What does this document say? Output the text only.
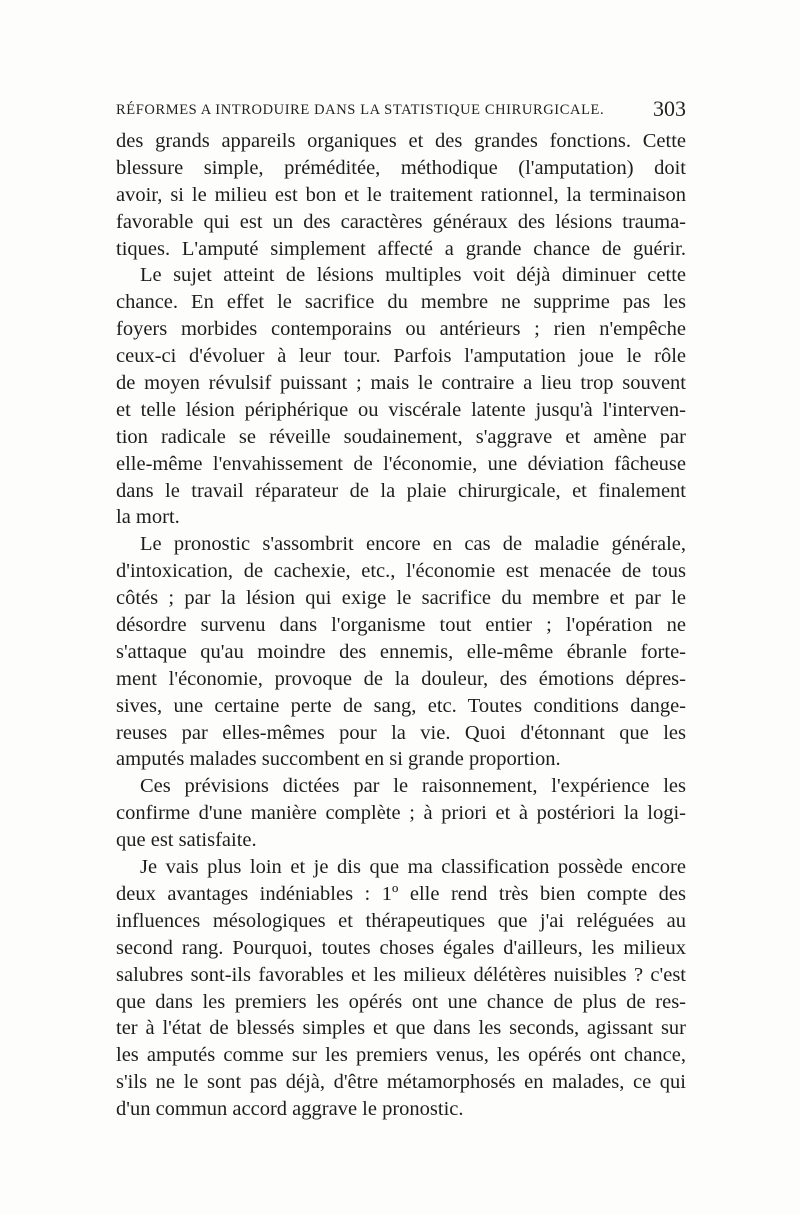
RÉFORMES A INTRODUIRE DANS LA STATISTIQUE CHIRURGICALE. 303
des grands appareils organiques et des grandes fonctions. Cette
blessure simple, préméditée, méthodique (l'amputation) doit
avoir, si le milieu est bon et le traitement rationnel, la terminaison
favorable qui est un des caractères généraux des lésions trauma-
tiques. L'amputé simplement affecté a grande chance de guérir.
Le sujet atteint de lésions multiples voit déjà diminuer cette
chance. En effet le sacrifice du membre ne supprime pas les
foyers morbides contemporains ou antérieurs ; rien n'empêche
ceux-ci d'évoluer à leur tour. Parfois l'amputation joue le rôle
de moyen révulsif puissant ; mais le contraire a lieu trop souvent
et telle lésion périphérique ou viscérale latente jusqu'à l'interven-
tion radicale se réveille soudainement, s'aggrave et amène par
elle-même l'envahissement de l'économie, une déviation fâcheuse
dans le travail réparateur de la plaie chirurgicale, et finalement
la mort.
Le pronostic s'assombrit encore en cas de maladie générale,
d'intoxication, de cachexie, etc., l'économie est menacée de tous
côtés ; par la lésion qui exige le sacrifice du membre et par le
désordre survenu dans l'organisme tout entier ; l'opération ne
s'attaque qu'au moindre des ennemis, elle-même ébranle forte-
ment l'économie, provoque de la douleur, des émotions dépres-
sives, une certaine perte de sang, etc. Toutes conditions dange-
reuses par elles-mêmes pour la vie. Quoi d'étonnant que les
amputés malades succombent en si grande proportion.
Ces prévisions dictées par le raisonnement, l'expérience les
confirme d'une manière complète ; à priori et à postériori la logi-
que est satisfaite.
Je vais plus loin et je dis que ma classification possède encore
deux avantages indéniables : 1º elle rend très bien compte des
influences mésologiques et thérapeutiques que j'ai reléguées au
second rang. Pourquoi, toutes choses égales d'ailleurs, les milieux
salubres sont-ils favorables et les milieux délétères nuisibles ? c'est
que dans les premiers les opérés ont une chance de plus de res-
ter à l'état de blessés simples et que dans les seconds, agissant sur
les amputés comme sur les premiers venus, les opérés ont chance,
s'ils ne le sont pas déjà, d'être métamorphosés en malades, ce qui
d'un commun accord aggrave le pronostic.
